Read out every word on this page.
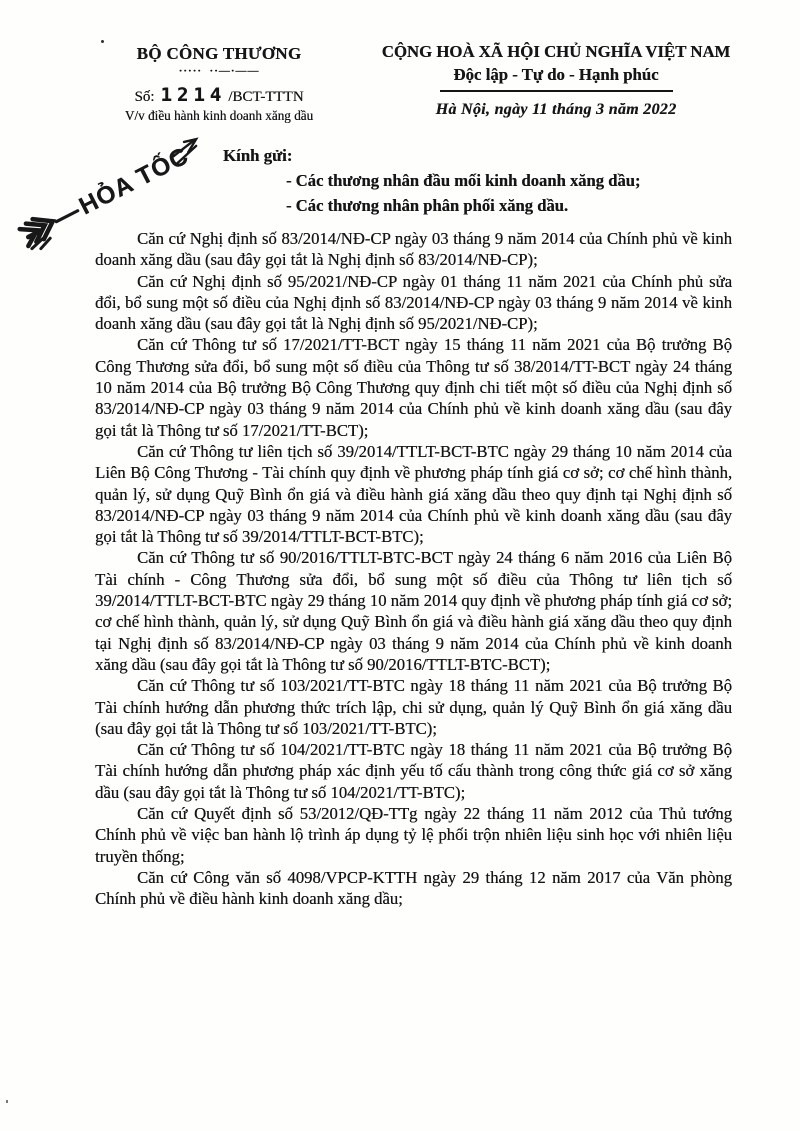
BỘ CÔNG THƯƠNG
·····  ··—·——
Số: 1214 /BCT-TTTN
V/v điều hành kinh doanh xăng dầu
CỘNG HOÀ XÃ HỘI CHỦ NGHĨA VIỆT NAM
Độc lập - Tự do - Hạnh phúc
Hà Nội, ngày 11 tháng 3 năm 2022
HỎA TỐC Kính gửi:
- Các thương nhân đầu mối kinh doanh xăng dầu;
- Các thương nhân phân phối xăng dầu.
Căn cứ Nghị định số 83/2014/NĐ-CP ngày 03 tháng 9 năm 2014 của Chính phủ về kinh doanh xăng dầu (sau đây gọi tắt là Nghị định số 83/2014/NĐ-CP);
Căn cứ Nghị định số 95/2021/NĐ-CP ngày 01 tháng 11 năm 2021 của Chính phủ sửa đổi, bổ sung một số điều của Nghị định số 83/2014/NĐ-CP ngày 03 tháng 9 năm 2014 về kinh doanh xăng dầu (sau đây gọi tắt là Nghị định số 95/2021/NĐ-CP);
Căn cứ Thông tư số 17/2021/TT-BCT ngày 15 tháng 11 năm 2021 của Bộ trưởng Bộ Công Thương sửa đổi, bổ sung một số điều của Thông tư số 38/2014/TT-BCT ngày 24 tháng 10 năm 2014 của Bộ trưởng Bộ Công Thương quy định chi tiết một số điều của Nghị định số 83/2014/NĐ-CP ngày 03 tháng 9 năm 2014 của Chính phủ về kinh doanh xăng dầu (sau đây gọi tắt là Thông tư số 17/2021/TT-BCT);
Căn cứ Thông tư liên tịch số 39/2014/TTLT-BCT-BTC ngày 29 tháng 10 năm 2014 của Liên Bộ Công Thương - Tài chính quy định về phương pháp tính giá cơ sở; cơ chế hình thành, quản lý, sử dụng Quỹ Bình ổn giá và điều hành giá xăng dầu theo quy định tại Nghị định số 83/2014/NĐ-CP ngày 03 tháng 9 năm 2014 của Chính phủ về kinh doanh xăng dầu (sau đây gọi tắt là Thông tư số 39/2014/TTLT-BCT-BTC);
Căn cứ Thông tư số 90/2016/TTLT-BTC-BCT ngày 24 tháng 6 năm 2016 của Liên Bộ Tài chính - Công Thương sửa đổi, bổ sung một số điều của Thông tư liên tịch số 39/2014/TTLT-BCT-BTC ngày 29 tháng 10 năm 2014 quy định về phương pháp tính giá cơ sở; cơ chế hình thành, quản lý, sử dụng Quỹ Bình ổn giá và điều hành giá xăng dầu theo quy định tại Nghị định số 83/2014/NĐ-CP ngày 03 tháng 9 năm 2014 của Chính phủ về kinh doanh xăng dầu (sau đây gọi tắt là Thông tư số 90/2016/TTLT-BTC-BCT);
Căn cứ Thông tư số 103/2021/TT-BTC ngày 18 tháng 11 năm 2021 của Bộ trưởng Bộ Tài chính hướng dẫn phương thức trích lập, chi sử dụng, quản lý Quỹ Bình ổn giá xăng dầu (sau đây gọi tắt là Thông tư số 103/2021/TT-BTC);
Căn cứ Thông tư số 104/2021/TT-BTC ngày 18 tháng 11 năm 2021 của Bộ trưởng Bộ Tài chính hướng dẫn phương pháp xác định yếu tố cấu thành trong công thức giá cơ sở xăng dầu (sau đây gọi tắt là Thông tư số 104/2021/TT-BTC);
Căn cứ Quyết định số 53/2012/QĐ-TTg ngày 22 tháng 11 năm 2012 của Thủ tướng Chính phủ về việc ban hành lộ trình áp dụng tỷ lệ phối trộn nhiên liệu sinh học với nhiên liệu truyền thống;
Căn cứ Công văn số 4098/VPCP-KTTH ngày 29 tháng 12 năm 2017 của Văn phòng Chính phủ về điều hành kinh doanh xăng dầu;
